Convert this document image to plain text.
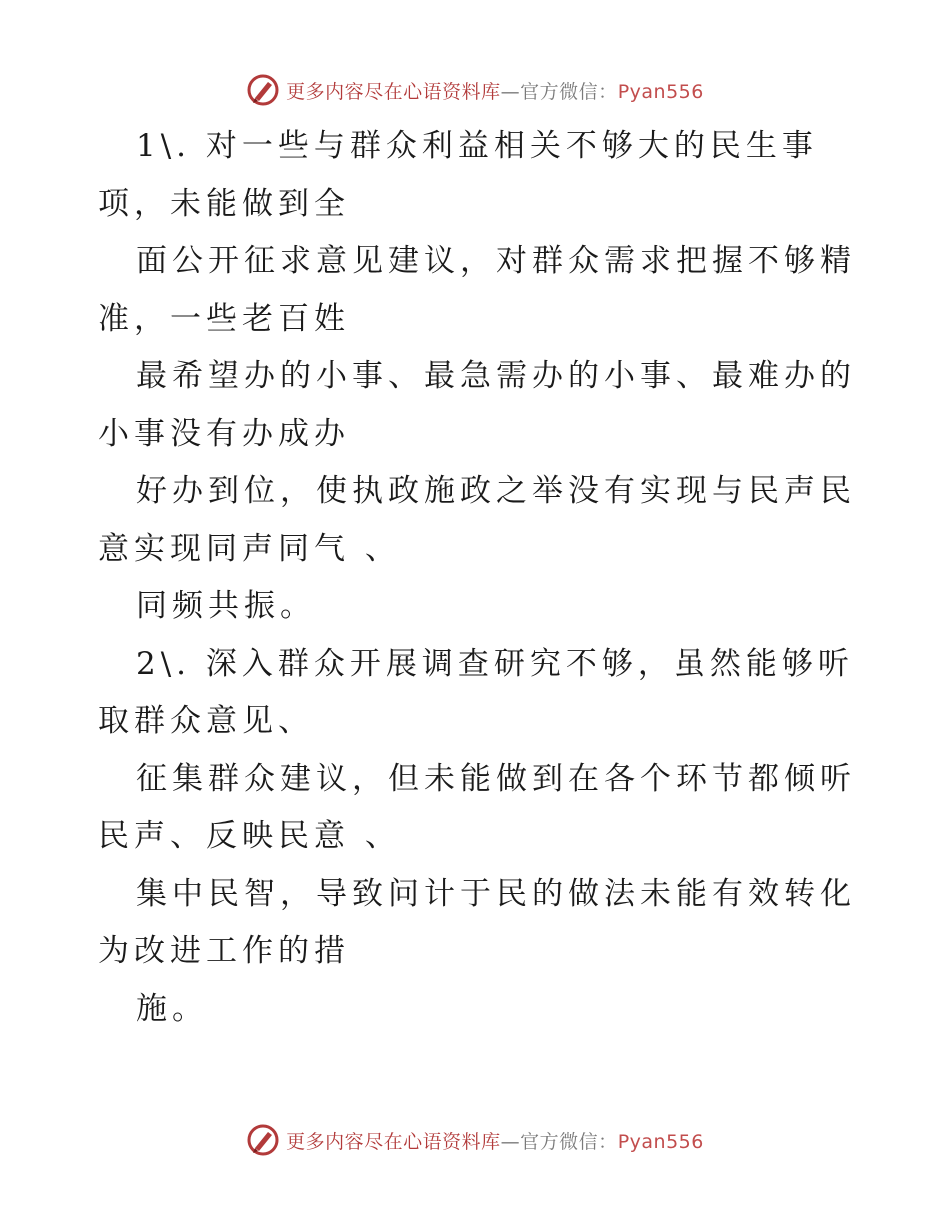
更多内容尽在心语资料库—官方微信：Pyan556

1\. 对一些与群众利益相关不够大的民生事项，未能做到全

面公开征求意见建议，对群众需求把握不够精准，一些老百姓

最希望办的小事、最急需办的小事、最难办的小事没有办成办

好办到位，使执政施政之举没有实现与民声民意实现同声同气 、

同频共振。

2\. 深入群众开展调查研究不够，虽然能够听取群众意见、

征集群众建议，但未能做到在各个环节都倾听民声、反映民意 、

集中民智，导致问计于民的做法未能有效转化为改进工作的措

施。

更多内容尽在心语资料库—官方微信：Pyan556
